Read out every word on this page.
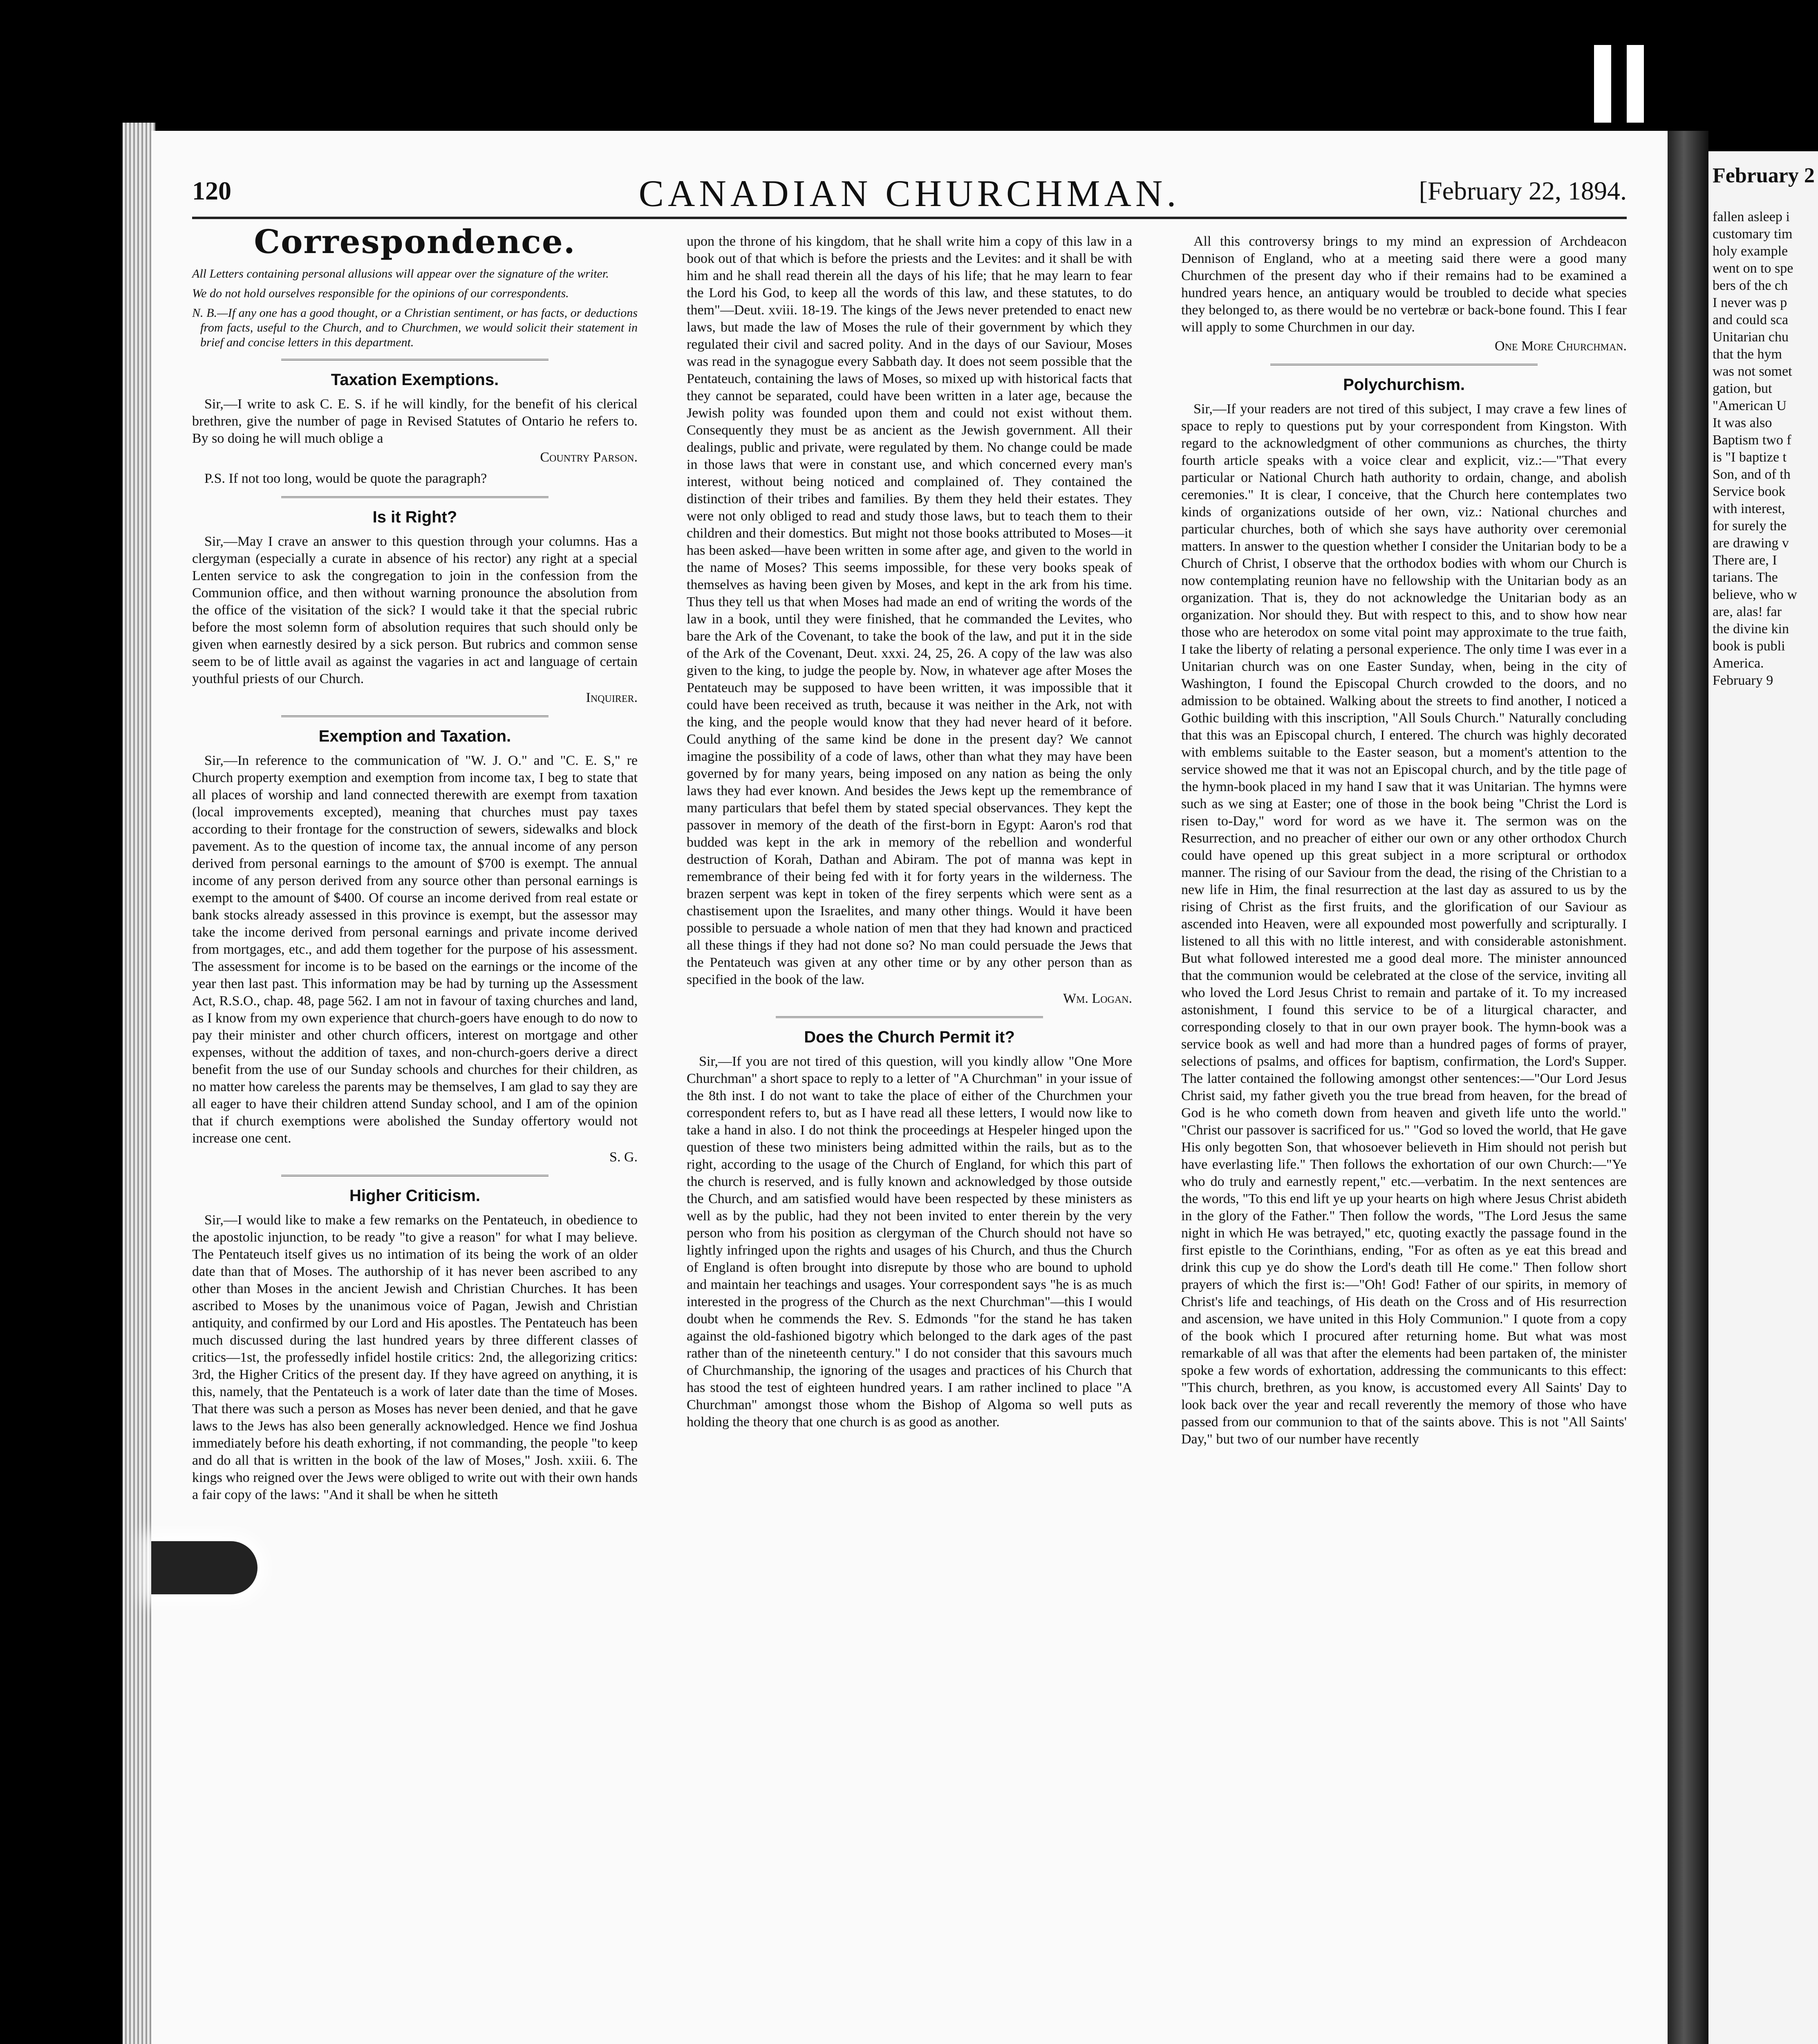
February 2
fallen asleep i
customary tim
holy example
went on to spe
bers of the ch
I never was p
and could sca
Unitarian chu
that the hym
was not somet
gation, but
"American U
It was also
Baptism two f
is "I baptize t
Son, and of th
Service book
with interest,
for surely the
are drawing v
There are, I
tarians. The
believe, who w
are, alas! far
the divine kin
book is publi
America.
February 9
120	CANADIAN CHURCHMAN.	[February 22, 1894.
Correspondence.

All Letters containing personal allusions will appear over the signature of the writer.

We do not hold ourselves responsible for the opinions of our correspondents.

N. B.—If any one has a good thought, or a Christian sentiment, or has facts, or deductions from facts, useful to the Church, and to Churchmen, we would solicit their statement in brief and concise letters in this department.

Taxation Exemptions.

Sir,—I write to ask C. E. S. if he will kindly, for the benefit of his clerical brethren, give the number of page in Revised Statutes of Ontario he refers to. By so doing he will much oblige a

Country Parson.

P.S. If not too long, would be quote the paragraph?

Is it Right?

Sir,—May I crave an answer to this question through your columns. Has a clergyman (especially a curate in absence of his rector) any right at a special Lenten service to ask the congregation to join in the confession from the Communion office, and then without warning pronounce the absolution from the office of the visitation of the sick? I would take it that the special rubric before the most solemn form of absolution requires that such should only be given when earnestly desired by a sick person. But rubrics and common sense seem to be of little avail as against the vagaries in act and language of certain youthful priests of our Church.

Inquirer.
Exemption and Taxation.

Sir,—In reference to the communication of "W. J. O." and "C. E. S," re Church property exemption and exemption from income tax, I beg to state that all places of worship and land connected therewith are exempt from taxation (local improvements excepted), meaning that churches must pay taxes according to their frontage for the construction of sewers, sidewalks and block pavement. As to the question of income tax, the annual income of any person derived from personal earnings to the amount of $700 is exempt. The annual income of any person derived from any source other than personal earnings is exempt to the amount of $400. Of course an income derived from real estate or bank stocks already assessed in this province is exempt, but the assessor may take the income derived from personal earnings and private income derived from mortgages, etc., and add them together for the purpose of his assessment. The assessment for income is to be based on the earnings or the income of the year then last past. This information may be had by turning up the Assessment Act, R.S.O., chap. 48, page 562. I am not in favour of taxing churches and land, as I know from my own experience that church-goers have enough to do now to pay their minister and other church officers, interest on mortgage and other expenses, without the addition of taxes, and non-church-goers derive a direct benefit from the use of our Sunday schools and churches for their children, as no matter how careless the parents may be themselves, I am glad to say they are all eager to have their children attend Sunday school, and I am of the opinion that if church exemptions were abolished the Sunday offertory would not increase one cent.

S. G.
Higher Criticism.

Sir,—I would like to make a few remarks on the Pentateuch, in obedience to the apostolic injunction, to be ready "to give a reason" for what I may believe. The Pentateuch itself gives us no intimation of its being the work of an older date than that of Moses. The authorship of it has never been ascribed to any other than Moses in the ancient Jewish and Christian Churches. It has been ascribed to Moses by the unanimous voice of Pagan, Jewish and Christian antiquity, and confirmed by our Lord and His apostles. The Pentateuch has been much discussed during the last hundred years by three different classes of critics—1st, the professedly infidel hostile critics: 2nd, the allegorizing critics: 3rd, the Higher Critics of the present day. If they have agreed on anything, it is this, namely, that the Pentateuch is a work of later date than the time of Moses. That there was such a person as Moses has never been denied, and that he gave laws to the Jews has also been generally acknowledged. Hence we find Joshua immediately before his death exhorting, if not commanding, the people "to keep and do all that is written in the book of the law of Moses," Josh. xxiii. 6. The kings who reigned over the Jews were obliged to write out with their own hands a fair copy of the laws: "And it shall be when he sitteth

upon the throne of his kingdom, that he shall write him a copy of this law in a book out of that which is before the priests and the Levites: and it shall be with him and he shall read therein all the days of his life; that he may learn to fear the Lord his God, to keep all the words of this law, and these statutes, to do them"—Deut. xviii. 18-19. The kings of the Jews never pretended to enact new laws, but made the law of Moses the rule of their government by which they regulated their civil and sacred polity. And in the days of our Saviour, Moses was read in the synagogue every Sabbath day. It does not seem possible that the Pentateuch, containing the laws of Moses, so mixed up with historical facts that they cannot be separated, could have been written in a later age, because the Jewish polity was founded upon them and could not exist without them. Consequently they must be as ancient as the Jewish government. All their dealings, public and private, were regulated by them. No change could be made in those laws that were in constant use, and which concerned every man's interest, without being noticed and complained of. They contained the distinction of their tribes and families. By them they held their estates. They were not only obliged to read and study those laws, but to teach them to their children and their domestics. But might not those books attributed to Moses—it has been asked—have been written in some after age, and given to the world in the name of Moses? This seems impossible, for these very books speak of themselves as having been given by Moses, and kept in the ark from his time. Thus they tell us that when Moses had made an end of writing the words of the law in a book, until they were finished, that he commanded the Levites, who bare the Ark of the Covenant, to take the book of the law, and put it in the side of the Ark of the Covenant, Deut. xxxi. 24, 25, 26. A copy of the law was also given to the king, to judge the people by. Now, in whatever age after Moses the Pentateuch may be supposed to have been written, it was impossible that it could have been received as truth, because it was neither in the Ark, not with the king, and the people would know that they had never heard of it before. Could anything of the same kind be done in the present day? We cannot imagine the possibility of a code of laws, other than what they may have been governed by for many years, being imposed on any nation as being the only laws they had ever known. And besides the Jews kept up the remembrance of many particulars that befel them by stated special observances. They kept the passover in memory of the death of the first-born in Egypt: Aaron's rod that budded was kept in the ark in memory of the rebellion and wonderful destruction of Korah, Dathan and Abiram. The pot of manna was kept in remembrance of their being fed with it for forty years in the wilderness. The brazen serpent was kept in token of the firey serpents which were sent as a chastisement upon the Israelites, and many other things. Would it have been possible to persuade a whole nation of men that they had known and practiced all these things if they had not done so? No man could persuade the Jews that the Pentateuch was given at any other time or by any other person than as specified in the book of the law.

Wm. Logan.
Does the Church Permit it?

Sir,—If you are not tired of this question, will you kindly allow "One More Churchman" a short space to reply to a letter of "A Churchman" in your issue of the 8th inst. I do not want to take the place of either of the Churchmen your correspondent refers to, but as I have read all these letters, I would now like to take a hand in also. I do not think the proceedings at Hespeler hinged upon the question of these two ministers being admitted within the rails, but as to the right, according to the usage of the Church of England, for which this part of the church is reserved, and is fully known and acknowledged by those outside the Church, and am satisfied would have been respected by these ministers as well as by the public, had they not been invited to enter therein by the very person who from his position as clergyman of the Church should not have so lightly infringed upon the rights and usages of his Church, and thus the Church of England is often brought into disrepute by those who are bound to uphold and maintain her teachings and usages. Your correspondent says "he is as much interested in the progress of the Church as the next Churchman"—this I would doubt when he commends the Rev. S. Edmonds "for the stand he has taken against the old-fashioned bigotry which belonged to the dark ages of the past rather than of the nineteenth century." I do not consider that this savours much of Churchmanship, the ignoring of the usages and practices of his Church that has stood the test of eighteen hundred years. I am rather inclined to place "A Churchman" amongst those whom the Bishop of Algoma so well puts as holding the theory that one church is as good as another.

All this controversy brings to my mind an expression of Archdeacon Dennison of England, who at a meeting said there were a good many Churchmen of the present day who if their remains had to be examined a hundred years hence, an antiquary would be troubled to decide what species they belonged to, as there would be no vertebræ or back-bone found. This I fear will apply to some Churchmen in our day.

One More Churchman.
Polychurchism.

Sir,—If your readers are not tired of this subject, I may crave a few lines of space to reply to questions put by your correspondent from Kingston. With regard to the acknowledgment of other communions as churches, the thirty fourth article speaks with a voice clear and explicit, viz.:—"That every particular or National Church hath authority to ordain, change, and abolish ceremonies." It is clear, I conceive, that the Church here contemplates two kinds of organizations outside of her own, viz.: National churches and particular churches, both of which she says have authority over ceremonial matters. In answer to the question whether I consider the Unitarian body to be a Church of Christ, I observe that the orthodox bodies with whom our Church is now contemplating reunion have no fellowship with the Unitarian body as an organization. That is, they do not acknowledge the Unitarian body as an organization. Nor should they. But with respect to this, and to show how near those who are heterodox on some vital point may approximate to the true faith, I take the liberty of relating a personal experience. The only time I was ever in a Unitarian church was on one Easter Sunday, when, being in the city of Washington, I found the Episcopal Church crowded to the doors, and no admission to be obtained. Walking about the streets to find another, I noticed a Gothic building with this inscription, "All Souls Church." Naturally concluding that this was an Episcopal church, I entered. The church was highly decorated with emblems suitable to the Easter season, but a moment's attention to the service showed me that it was not an Episcopal church, and by the title page of the hymn-book placed in my hand I saw that it was Unitarian. The hymns were such as we sing at Easter; one of those in the book being "Christ the Lord is risen to-Day," word for word as we have it. The sermon was on the Resurrection, and no preacher of either our own or any other orthodox Church could have opened up this great subject in a more scriptural or orthodox manner. The rising of our Saviour from the dead, the rising of the Christian to a new life in Him, the final resurrection at the last day as assured to us by the rising of Christ as the first fruits, and the glorification of our Saviour as ascended into Heaven, were all expounded most powerfully and scripturally. I listened to all this with no little interest, and with considerable astonishment. But what followed interested me a good deal more. The minister announced that the communion would be celebrated at the close of the service, inviting all who loved the Lord Jesus Christ to remain and partake of it. To my increased astonishment, I found this service to be of a liturgical character, and corresponding closely to that in our own prayer book. The hymn-book was a service book as well and had more than a hundred pages of forms of prayer, selections of psalms, and offices for baptism, confirmation, the Lord's Supper. The latter contained the following amongst other sentences:—"Our Lord Jesus Christ said, my father giveth you the true bread from heaven, for the bread of God is he who cometh down from heaven and giveth life unto the world." "Christ our passover is sacrificed for us." "God so loved the world, that He gave His only begotten Son, that whosoever believeth in Him should not perish but have everlasting life." Then follows the exhortation of our own Church:—"Ye who do truly and earnestly repent," etc.—verbatim. In the next sentences are the words, "To this end lift ye up your hearts on high where Jesus Christ abideth in the glory of the Father." Then follow the words, "The Lord Jesus the same night in which He was betrayed," etc, quoting exactly the passage found in the first epistle to the Corinthians, ending, "For as often as ye eat this bread and drink this cup ye do show the Lord's death till He come." Then follow short prayers of which the first is:—"Oh! God! Father of our spirits, in memory of Christ's life and teachings, of His death on the Cross and of His resurrection and ascension, we have united in this Holy Communion." I quote from a copy of the book which I procured after returning home. But what was most remarkable of all was that after the elements had been partaken of, the minister spoke a few words of exhortation, addressing the communicants to this effect: "This church, brethren, as you know, is accustomed every All Saints' Day to look back over the year and recall reverently the memory of those who have passed from our communion to that of the saints above. This is not "All Saints' Day," but two of our number have recently
